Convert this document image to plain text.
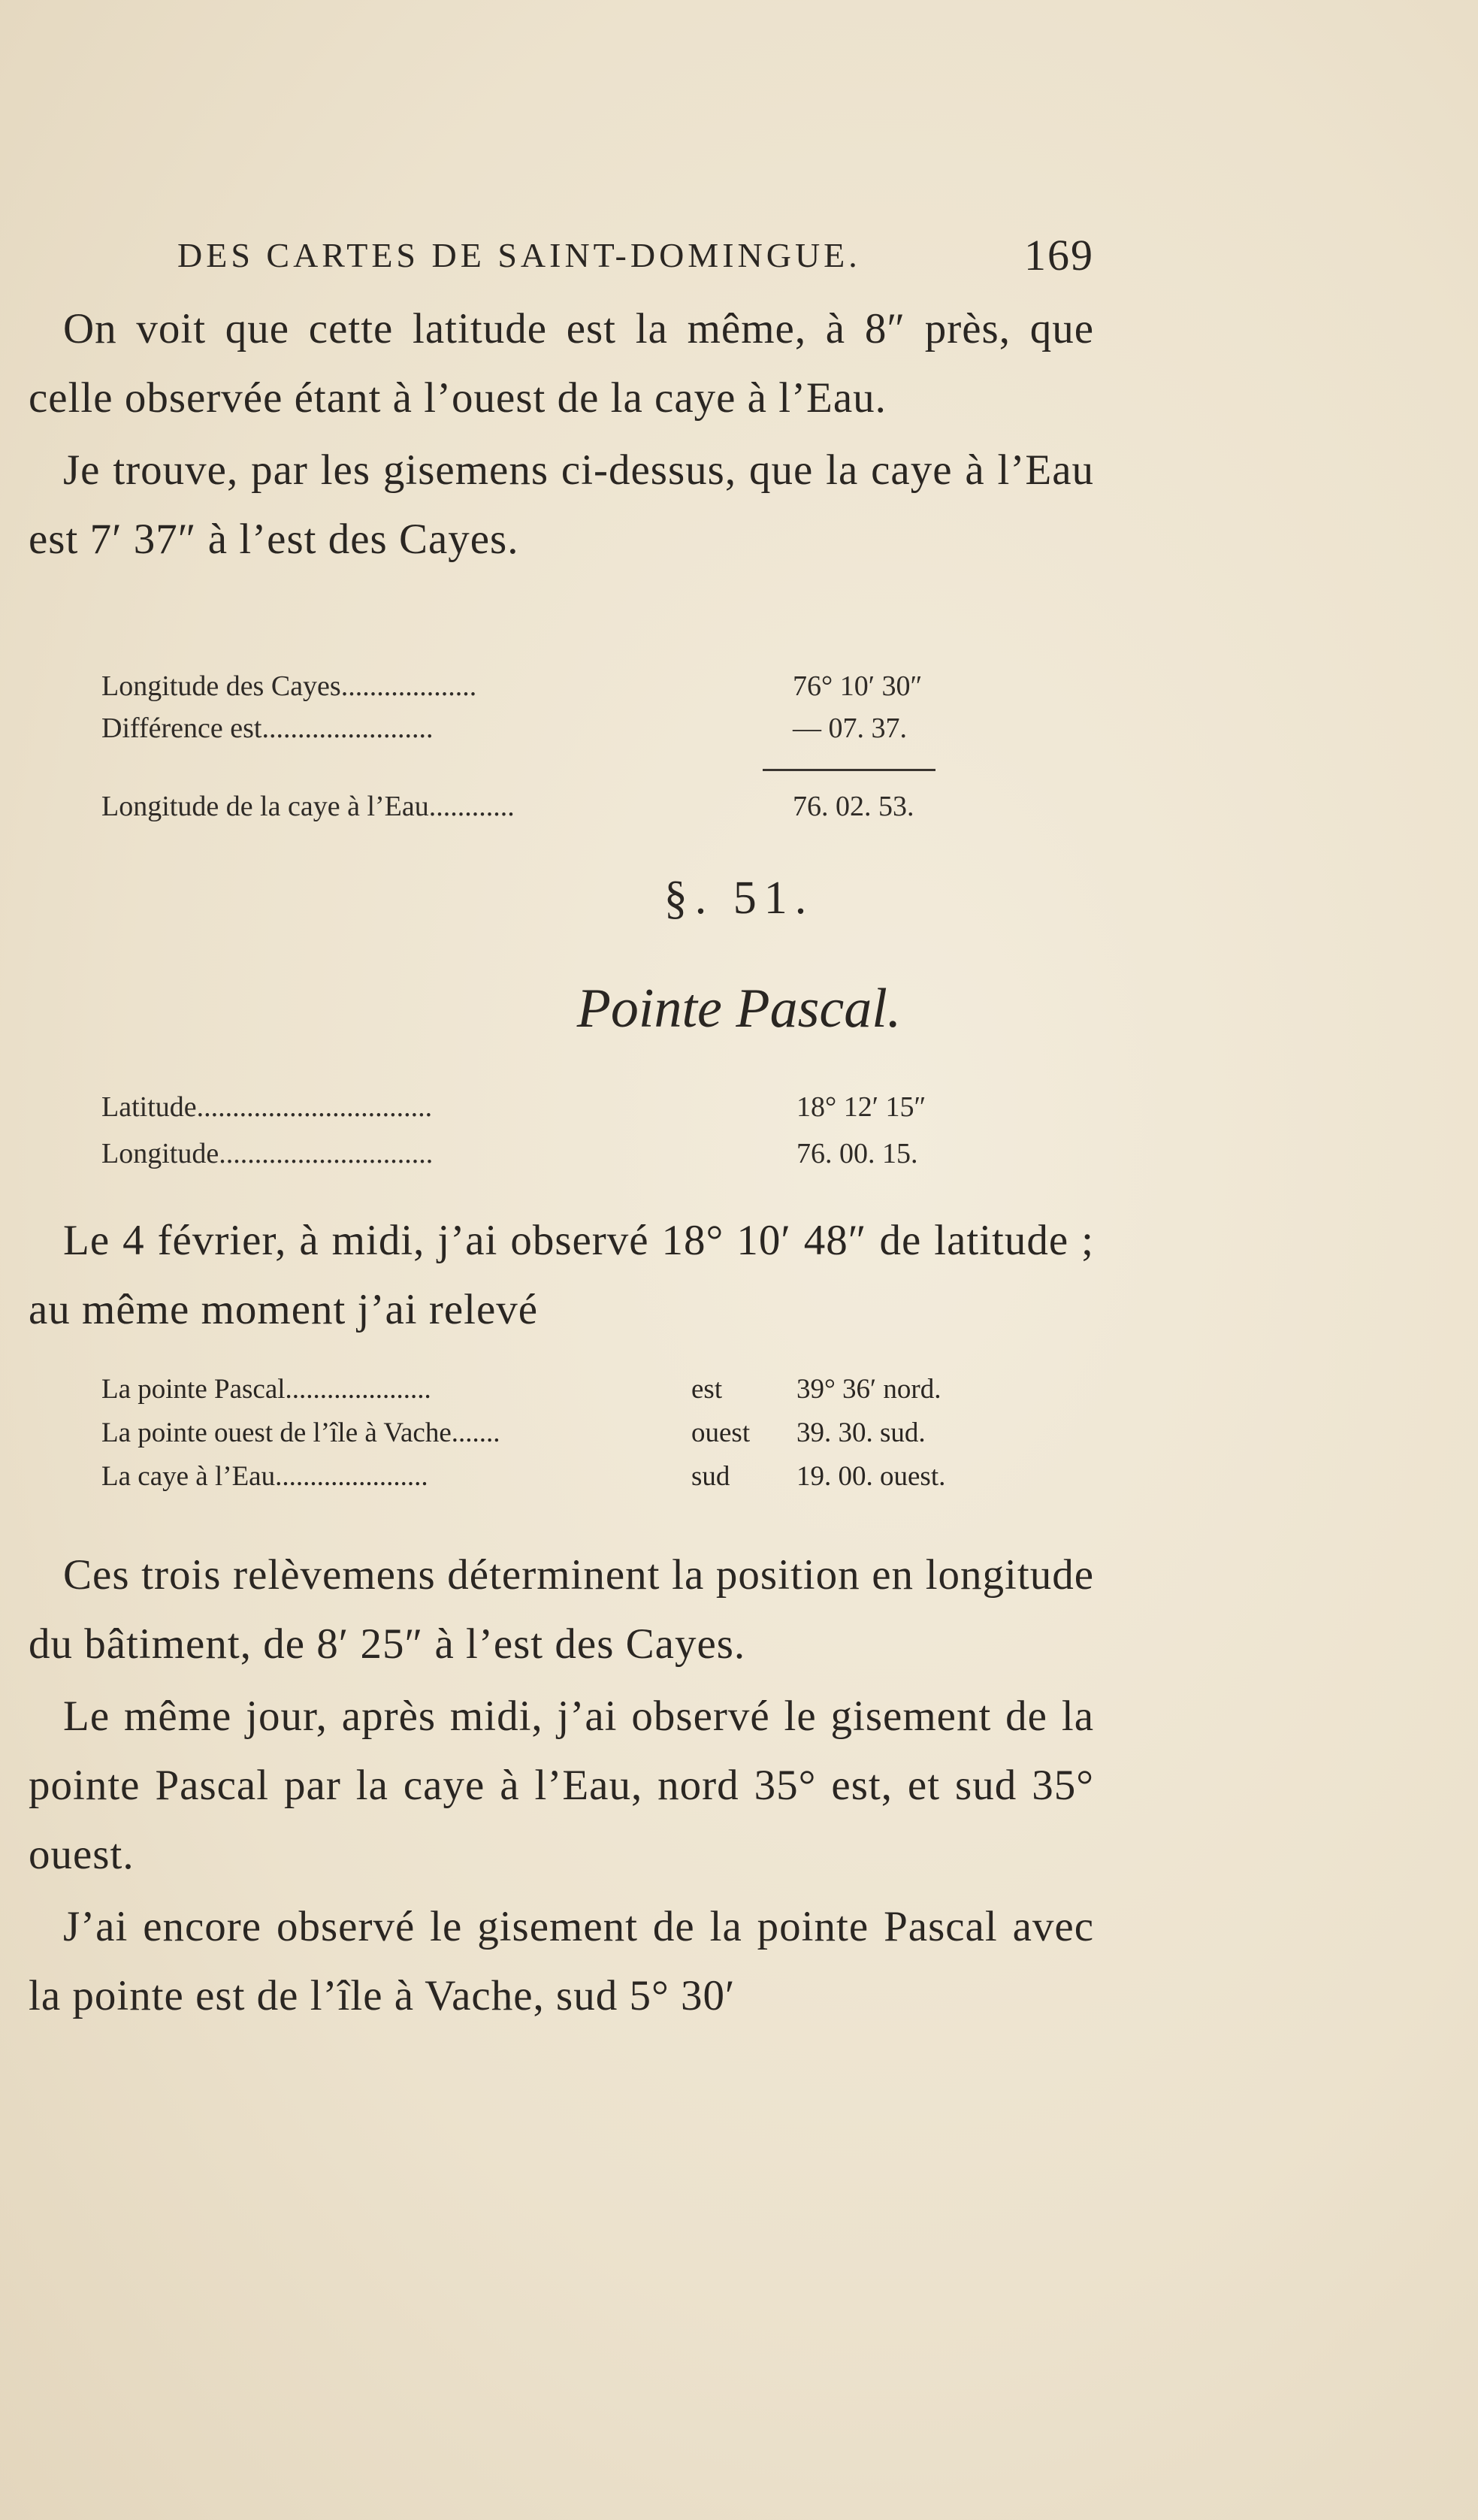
DES CARTES DE SAINT-DOMINGUE.	169

On voit que cette latitude est la même, à 8″ près, que celle observée étant à l’ouest de la caye à l’Eau.

Je trouve, par les gisemens ci-dessus, que la caye à l’Eau est 7′ 37″ à l’est des Cayes.

Longitude des Cayes...................	76° 10′ 30″
Différence est........................	— 07. 37.
Longitude de la caye à l’Eau............	76. 02. 53.
§. 51.
Pointe Pascal.
Latitude.................................	18° 12′ 15″
Longitude..............................	76. 00. 15.

Le 4 février, à midi, j’ai observé 18° 10′ 48″ de latitude ; au même moment j’ai relevé

La pointe Pascal.....................	est	39° 36′ nord.
La pointe ouest de l’île à Vache.......	ouest 39. 30. sud.
La caye à l’Eau......................	sud 19. 00. ouest.

Ces trois relèvemens déterminent la position en longitude du bâtiment, de 8′ 25″ à l’est des Cayes.

Le même jour, après midi, j’ai observé le gisement de la pointe Pascal par la caye à l’Eau, nord 35° est, et sud 35° ouest.

J’ai encore observé le gisement de la pointe Pascal avec la pointe est de l’île à Vache, sud 5° 30′
